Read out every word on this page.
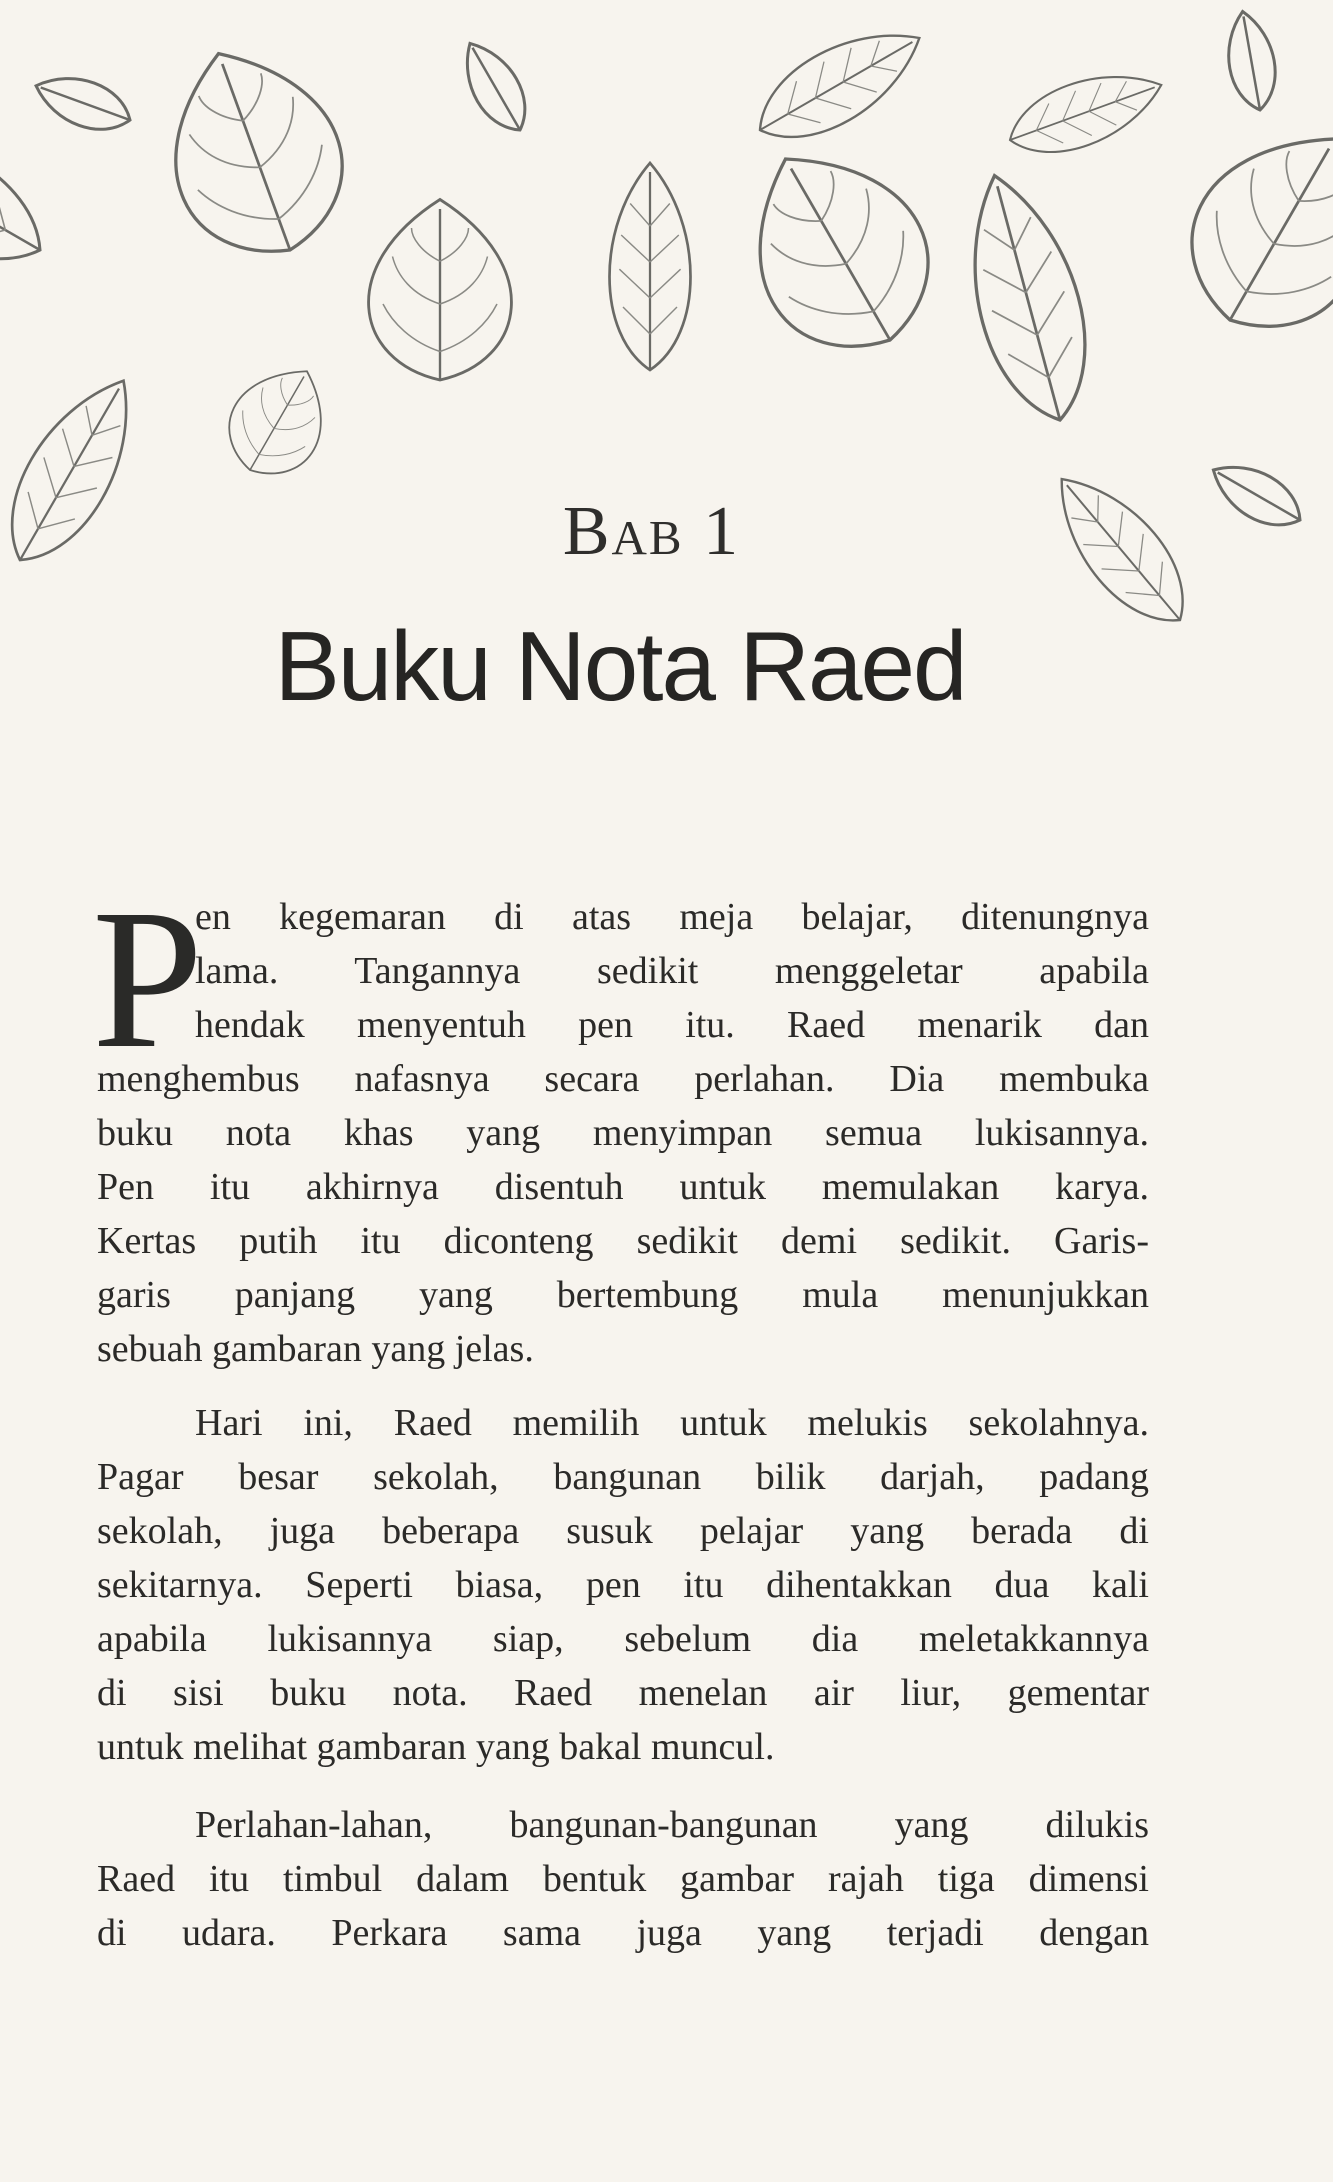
Bab 1
Buku Nota Raed
P
en kegemaran di atas meja belajar, ditenungnya
lama. Tangannya sedikit menggeletar apabila
hendak menyentuh pen itu. Raed menarik dan
menghembus nafasnya secara perlahan. Dia membuka
buku nota khas yang menyimpan semua lukisannya.
Pen itu akhirnya disentuh untuk memulakan karya.
Kertas putih itu diconteng sedikit demi sedikit. Garis-
garis panjang yang bertembung mula menunjukkan
sebuah gambaran yang jelas.
Hari ini, Raed memilih untuk melukis sekolahnya.
Pagar besar sekolah, bangunan bilik darjah, padang
sekolah, juga beberapa susuk pelajar yang berada di
sekitarnya. Seperti biasa, pen itu dihentakkan dua kali
apabila lukisannya siap, sebelum dia meletakkannya
di sisi buku nota. Raed menelan air liur, gementar
untuk melihat gambaran yang bakal muncul.
Perlahan-lahan, bangunan-bangunan yang dilukis
Raed itu timbul dalam bentuk gambar rajah tiga dimensi
di udara. Perkara sama juga yang terjadi dengan
